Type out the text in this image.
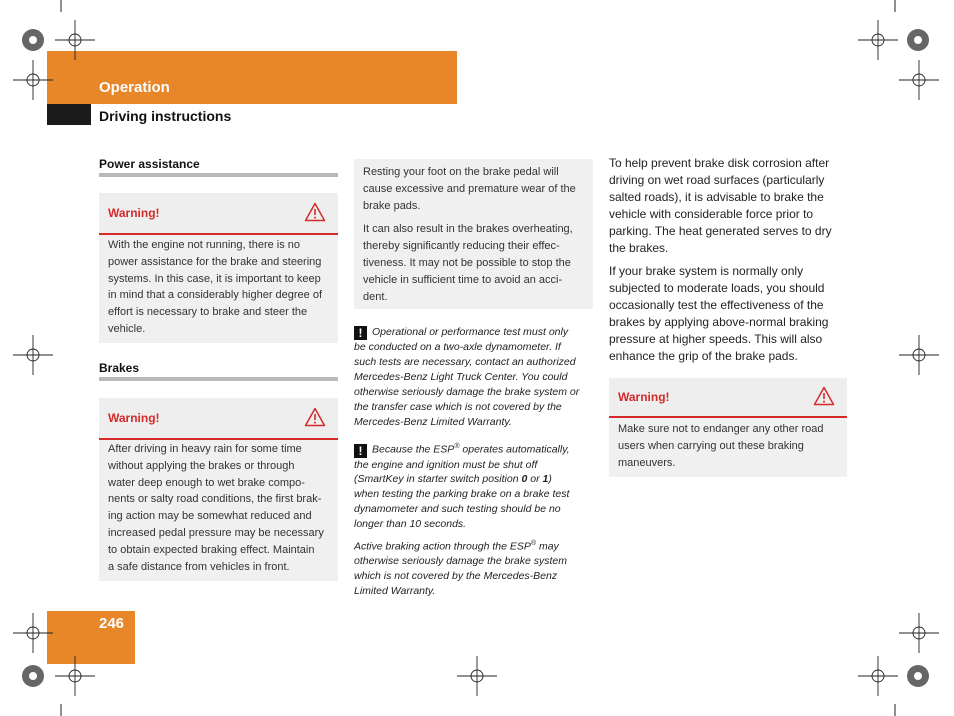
Operation
Driving instructions
Power assistance
Warning!
With the engine not running, there is no
power assistance for the brake and steering
systems. In this case, it is important to keep
in mind that a considerably higher degree of
effort is necessary to brake and steer the
vehicle.
Brakes
Warning!
After driving in heavy rain for some time
without applying the brakes or through
water deep enough to wet brake compo-
nents or salty road conditions, the first brak-
ing action may be somewhat reduced and
increased pedal pressure may be necessary
to obtain expected braking effect. Maintain
a safe distance from vehicles in front.

Resting your foot on the brake pedal will
cause excessive and premature wear of the
brake pads.

It can also result in the brakes overheating,
thereby significantly reducing their effec-
tiveness. It may not be possible to stop the
vehicle in sufficient time to avoid an acci-
dent.

! Operational or performance test must only
be conducted on a two-axle dynamometer. If
such tests are necessary, contact an authorized
Mercedes-Benz Light Truck Center. You could
otherwise seriously damage the brake system or
the transfer case which is not covered by the
Mercedes-Benz Limited Warranty.

! Because the ESP® operates automatically,
the engine and ignition must be shut off
(SmartKey in starter switch position 0 or 1)
when testing the parking brake on a brake test
dynamometer and such testing should be no
longer than 10 seconds.

Active braking action through the ESP® may
otherwise seriously damage the brake system
which is not covered by the Mercedes-Benz
Limited Warranty.

To help prevent brake disk corrosion after
driving on wet road surfaces (particularly
salted roads), it is advisable to brake the
vehicle with considerable force prior to
parking. The heat generated serves to dry
the brakes.

If your brake system is normally only
subjected to moderate loads, you should
occasionally test the effectiveness of the
brakes by applying above-normal braking
pressure at higher speeds. This will also
enhance the grip of the brake pads.

Warning!
Make sure not to endanger any other road
users when carrying out these braking
maneuvers.
246
